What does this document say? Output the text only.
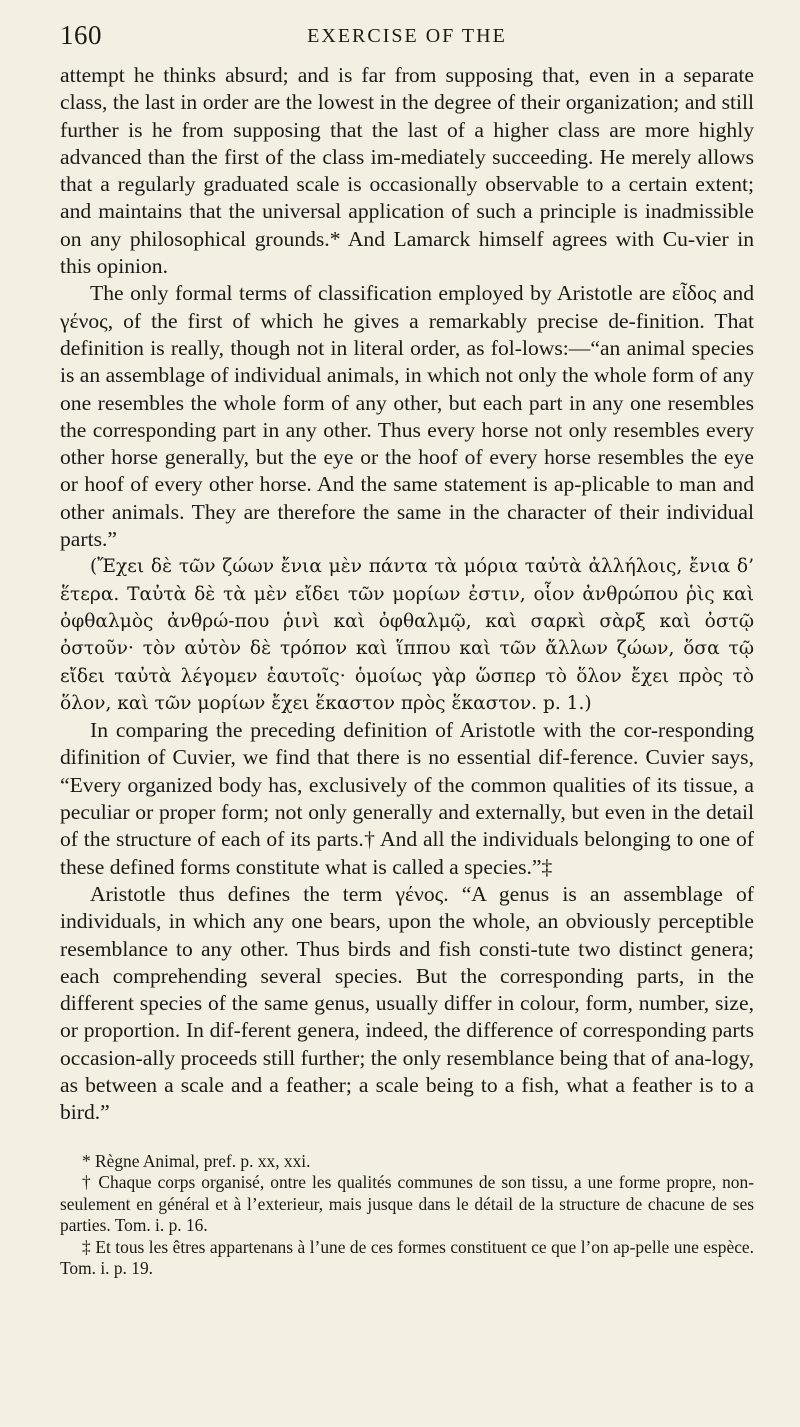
160	EXERCISE OF THE

attempt he thinks absurd; and is far from supposing that, even in a separate class, the last in order are the lowest in the degree of their organization; and still further is he from supposing that the last of a higher class are more highly advanced than the first of the class im-mediately succeeding. He merely allows that a regularly graduated scale is occasionally observable to a certain extent; and maintains that the universal application of such a principle is inadmissible on any philosophical grounds.* And Lamarck himself agrees with Cu-vier in this opinion.

The only formal terms of classification employed by Aristotle are εἶδος and γένος, of the first of which he gives a remarkably precise de-finition. That definition is really, though not in literal order, as fol-lows:—“an animal species is an assemblage of individual animals, in which not only the whole form of any one resembles the whole form of any other, but each part in any one resembles the corresponding part in any other. Thus every horse not only resembles every other horse generally, but the eye or the hoof of every horse resembles the eye or hoof of every other horse. And the same statement is ap-plicable to man and other animals. They are therefore the same in the character of their individual parts.”

(Ἔχει δὲ τῶν ζώων ἔνια μὲν πάντα τὰ μόρια ταὐτὰ ἀλλήλοις, ἔνια δ’ ἕτερα. Ταὐτὰ δὲ τὰ μὲν εἴδει τῶν μορίων ἐστιν, οἷον ἀνθρώπου ῥὶς καὶ ὀφθαλμὸς ἀνθρώ-που ῥινὶ καὶ ὀφθαλμῷ, καὶ σαρκὶ σὰρξ καὶ ὀστῷ ὀστοῦν· τὸν αὐτὸν δὲ τρόπον καὶ ἵππου καὶ τῶν ἄλλων ζώων, ὅσα τῷ εἴδει ταὐτὰ λέγομεν ἑαυτοῖς· ὁμοίως γὰρ ὥσπερ τὸ ὅλον ἔχει πρὸς τὸ ὅλον, καὶ τῶν μορίων ἔχει ἕκαστον πρὸς ἕκαστον. p. 1.)

In comparing the preceding definition of Aristotle with the cor-responding difinition of Cuvier, we find that there is no essential dif-ference. Cuvier says, “Every organized body has, exclusively of the common qualities of its tissue, a peculiar or proper form; not only generally and externally, but even in the detail of the structure of each of its parts.† And all the individuals belonging to one of these defined forms constitute what is called a species.”‡

Aristotle thus defines the term γένος. “A genus is an assemblage of individuals, in which any one bears, upon the whole, an obviously perceptible resemblance to any other. Thus birds and fish consti-tute two distinct genera; each comprehending several species. But the corresponding parts, in the different species of the same genus, usually differ in colour, form, number, size, or proportion. In dif-ferent genera, indeed, the difference of corresponding parts occasion-ally proceeds still further; the only resemblance being that of ana-logy, as between a scale and a feather; a scale being to a fish, what a feather is to a bird.”

* Règne Animal, pref. p. xx, xxi.

† Chaque corps organisé, ontre les qualités communes de son tissu, a une forme propre, non-seulement en général et à l’exterieur, mais jusque dans le détail de la structure de chacune de ses parties. Tom. i. p. 16.

‡ Et tous les êtres appartenans à l’une de ces formes constituent ce que l’on ap-pelle une espèce. Tom. i. p. 19.
